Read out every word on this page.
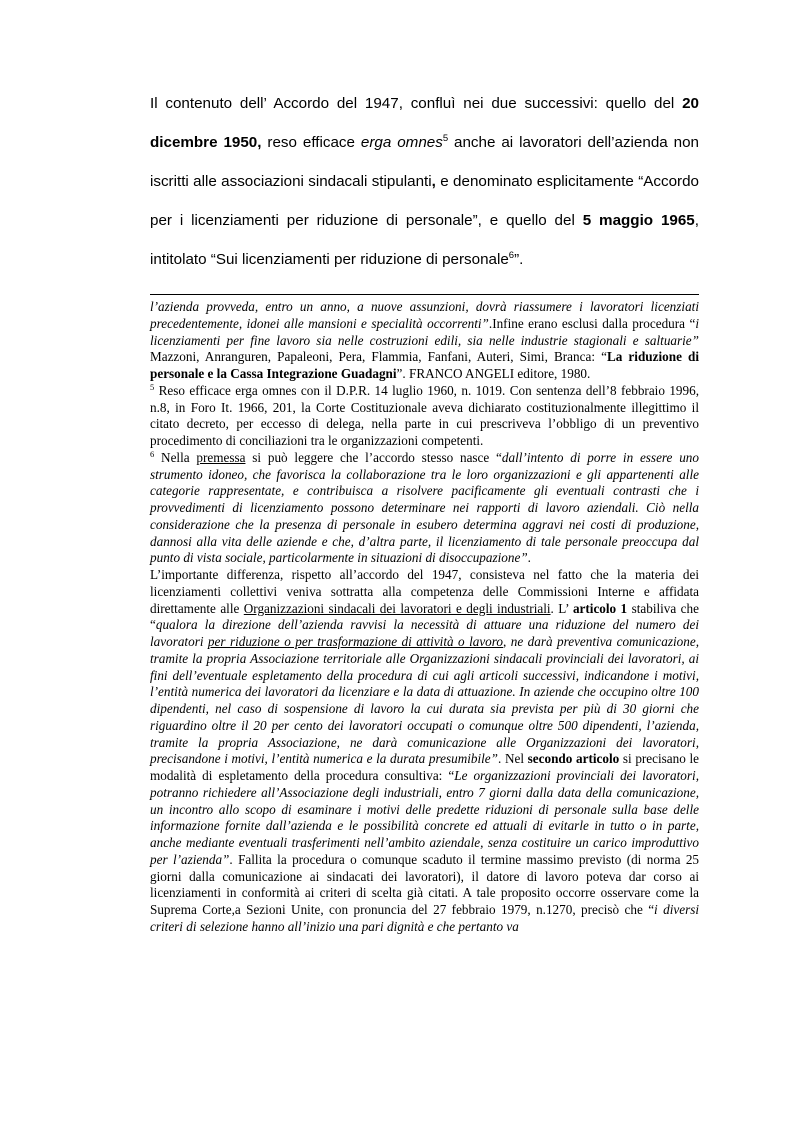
Il contenuto dell’ Accordo del 1947, confluì nei due successivi: quello del 20 dicembre 1950, reso efficace erga omnes$^5$ anche ai lavoratori dell’azienda non iscritti alle associazioni sindacali stipulanti, e denominato esplicitamente “Accordo per i licenziamenti per riduzione di personale”, e quello del 5 maggio 1965, intitolato “Sui licenziamenti per riduzione di personale$^6$”.

l’azienda provveda, entro un anno, a nuove assunzioni, dovrà riassumere i lavoratori licenziati precedentemente, idonei alle mansioni e specialità occorrenti”.Infine erano esclusi dalla procedura “i licenziamenti per fine lavoro sia nelle costruzioni edili, sia nelle industrie stagionali e saltuarie” Mazzoni, Anranguren, Papaleoni, Pera, Flammia, Fanfani, Auteri, Simi, Branca: “La riduzione di personale e la Cassa Integrazione Guadagni”. FRANCO ANGELI editore, 1980.

$^5$ Reso efficace erga omnes con il D.P.R. 14 luglio 1960, n. 1019. Con sentenza dell’8 febbraio 1996, n.8, in Foro It. 1966, 201, la Corte Costituzionale aveva dichiarato costituzionalmente illegittimo il citato decreto, per eccesso di delega, nella parte in cui prescriveva l’obbligo di un preventivo procedimento di conciliazioni tra le organizzazioni competenti.

$^6$ Nella premessa si può leggere che l’accordo stesso nasce “dall’intento di porre in essere uno strumento idoneo, che favorisca la collaborazione tra le loro organizzazioni e gli appartenenti alle categorie rappresentate, e contribuisca a risolvere pacificamente gli eventuali contrasti che i provvedimenti di licenziamento possono determinare nei rapporti di lavoro aziendali. Ciò nella considerazione che la presenza di personale in esubero determina aggravi nei costi di produzione, dannosi alla vita delle aziende e che, d’altra parte, il licenziamento di tale personale preoccupa dal punto di vista sociale, particolarmente in situazioni di disoccupazione”.

L’importante differenza, rispetto all’accordo del 1947, consisteva nel fatto che la materia dei licenziamenti collettivi veniva sottratta alla competenza delle Commissioni Interne e affidata direttamente alle Organizzazioni sindacali dei lavoratori e degli industriali. L’ articolo 1 stabiliva che “qualora la direzione dell’azienda ravvisi la necessità di attuare una riduzione del numero dei lavoratori per riduzione o per trasformazione di attività o lavoro, ne darà preventiva comunicazione, tramite la propria Associazione territoriale alle Organizzazioni sindacali provinciali dei lavoratori, ai fini dell’eventuale espletamento della procedura di cui agli articoli successivi, indicandone i motivi, l’entità numerica dei lavoratori da licenziare e la data di attuazione. In aziende che occupino oltre 100 dipendenti, nel caso di sospensione di lavoro la cui durata sia prevista per più di 30 giorni che riguardino oltre il 20 per cento dei lavoratori occupati o comunque oltre 500 dipendenti, l’azienda, tramite la propria Associazione, ne darà comunicazione alle Organizzazioni dei lavoratori, precisandone i motivi, l’entità numerica e la durata presumibile”. Nel secondo articolo si precisano le modalità di espletamento della procedura consultiva: “Le organizzazioni provinciali dei lavoratori, potranno richiedere all’Associazione degli industriali, entro 7 giorni dalla data della comunicazione, un incontro allo scopo di esaminare i motivi delle predette riduzioni di personale sulla base delle informazione fornite dall’azienda e le possibilità concrete ed attuali di evitarle in tutto o in parte, anche mediante eventuali trasferimenti nell’ambito aziendale, senza costituire un carico improduttivo per l’azienda”. Fallita la procedura o comunque scaduto il termine massimo previsto (di norma 25 giorni dalla comunicazione ai sindacati dei lavoratori), il datore di lavoro poteva dar corso ai licenziamenti in conformità ai criteri di scelta già citati. A tale proposito occorre osservare come la Suprema Corte,a Sezioni Unite, con pronuncia del 27 febbraio 1979, n.1270, precisò che “i diversi criteri di selezione hanno all’inizio una pari dignità e che pertanto va
